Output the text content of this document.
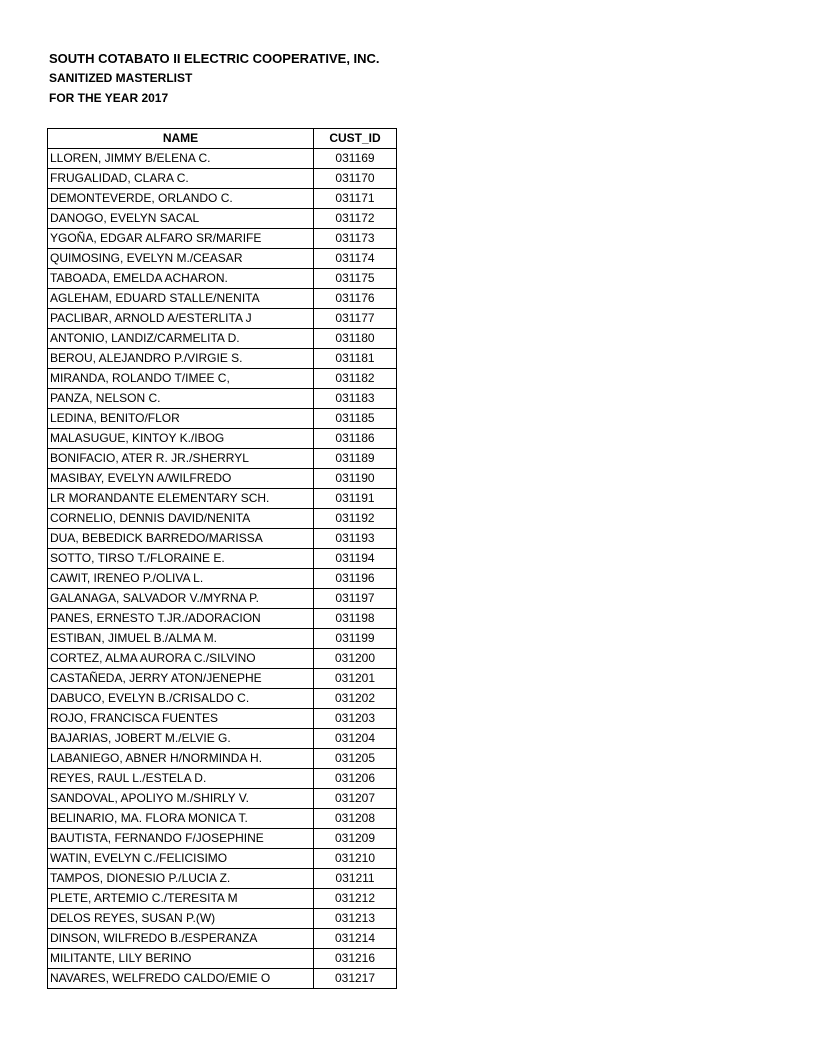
SOUTH COTABATO II ELECTRIC COOPERATIVE, INC.
SANITIZED MASTERLIST
FOR THE YEAR 2017
NAME	CUST_ID
LLOREN, JIMMY B/ELENA C.	031169
FRUGALIDAD, CLARA C.	031170
DEMONTEVERDE, ORLANDO C.	031171
DANOGO, EVELYN SACAL	031172
YGOÑA, EDGAR ALFARO SR/MARIFE	031173
QUIMOSING, EVELYN M./CEASAR	031174
TABOADA, EMELDA ACHARON.	031175
AGLEHAM, EDUARD STALLE/NENITA	031176
PACLIBAR, ARNOLD A/ESTERLITA J	031177
ANTONIO, LANDIZ/CARMELITA D.	031180
BEROU, ALEJANDRO P./VIRGIE S.	031181
MIRANDA, ROLANDO T/IMEE C,	031182
PANZA, NELSON C.	031183
LEDINA, BENITO/FLOR	031185
MALASUGUE, KINTOY K./IBOG	031186
BONIFACIO, ATER R. JR./SHERRYL	031189
MASIBAY, EVELYN A/WILFREDO	031190
LR MORANDANTE ELEMENTARY SCH.	031191
CORNELIO, DENNIS DAVID/NENITA	031192
DUA, BEBEDICK BARREDO/MARISSA	031193
SOTTO, TIRSO T./FLORAINE E.	031194
CAWIT, IRENEO P./OLIVA L.	031196
GALANAGA, SALVADOR V./MYRNA P.	031197
PANES, ERNESTO T.JR./ADORACION	031198
ESTIBAN, JIMUEL B./ALMA M.	031199
CORTEZ, ALMA AURORA C./SILVINO	031200
CASTAÑEDA, JERRY ATON/JENEPHE	031201
DABUCO, EVELYN B./CRISALDO C.	031202
ROJO, FRANCISCA FUENTES	031203
BAJARIAS, JOBERT M./ELVIE G.	031204
LABANIEGO, ABNER H/NORMINDA H.	031205
REYES, RAUL L./ESTELA D.	031206
SANDOVAL, APOLIYO M./SHIRLY V.	031207
BELINARIO, MA. FLORA MONICA T.	031208
BAUTISTA, FERNANDO F/JOSEPHINE	031209
WATIN, EVELYN C./FELICISIMO	031210
TAMPOS, DIONESIO P./LUCIA Z.	031211
PLETE, ARTEMIO C./TERESITA M	031212
DELOS REYES, SUSAN P.(W)	031213
DINSON, WILFREDO B./ESPERANZA	031214
MILITANTE, LILY BERINO	031216
NAVARES, WELFREDO CALDO/EMIE O	031217
